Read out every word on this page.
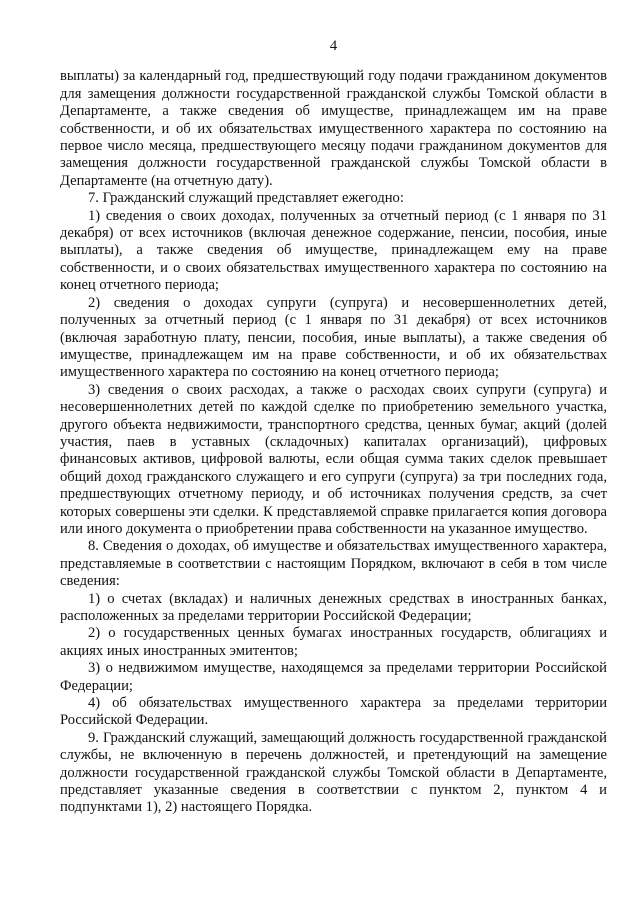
4

выплаты) за календарный год, предшествующий году подачи гражданином документов для замещения должности государственной гражданской службы Томской области в Департаменте, а также сведения об имуществе, принадлежащем им на праве собственности, и об их обязательствах имущественного характера по состоянию на первое число месяца, предшествующего месяцу подачи гражданином документов для замещения должности государственной гражданской службы Томской области в Департаменте (на отчетную дату).

7. Гражданский служащий представляет ежегодно:

1) сведения о своих доходах, полученных за отчетный период (с 1 января по 31 декабря) от всех источников (включая денежное содержание, пенсии, пособия, иные выплаты), а также сведения об имуществе, принадлежащем ему на праве собственности, и о своих обязательствах имущественного характера по состоянию на конец отчетного периода;

2) сведения о доходах супруги (супруга) и несовершеннолетних детей, полученных за отчетный период (с 1 января по 31 декабря) от всех источников (включая заработную плату, пенсии, пособия, иные выплаты), а также сведения об имуществе, принадлежащем им на праве собственности, и об их обязательствах имущественного характера по состоянию на конец отчетного периода;

3) сведения о своих расходах, а также о расходах своих супруги (супруга) и несовершеннолетних детей по каждой сделке по приобретению земельного участка, другого объекта недвижимости, транспортного средства, ценных бумаг, акций (долей участия, паев в уставных (складочных) капиталах организаций), цифровых финансовых активов, цифровой валюты, если общая сумма таких сделок превышает общий доход гражданского служащего и его супруги (супруга) за три последних года, предшествующих отчетному периоду, и об источниках получения средств, за счет которых совершены эти сделки. К представляемой справке прилагается копия договора или иного документа о приобретении права собственности на указанное имущество.

8. Сведения о доходах, об имуществе и обязательствах имущественного характера, представляемые в соответствии с настоящим Порядком, включают в себя в том числе сведения:

1) о счетах (вкладах) и наличных денежных средствах в иностранных банках, расположенных за пределами территории Российской Федерации;

2) о государственных ценных бумагах иностранных государств, облигациях и акциях иных иностранных эмитентов;

3) о недвижимом имуществе, находящемся за пределами территории Российской Федерации;

4) об обязательствах имущественного характера за пределами территории Российской Федерации.

9. Гражданский служащий, замещающий должность государственной гражданской службы, не включенную в перечень должностей, и претендующий на замещение должности государственной гражданской службы Томской области в Департаменте, представляет указанные сведения в соответствии с пунктом 2, пунктом 4 и подпунктами 1), 2) настоящего Порядка.
